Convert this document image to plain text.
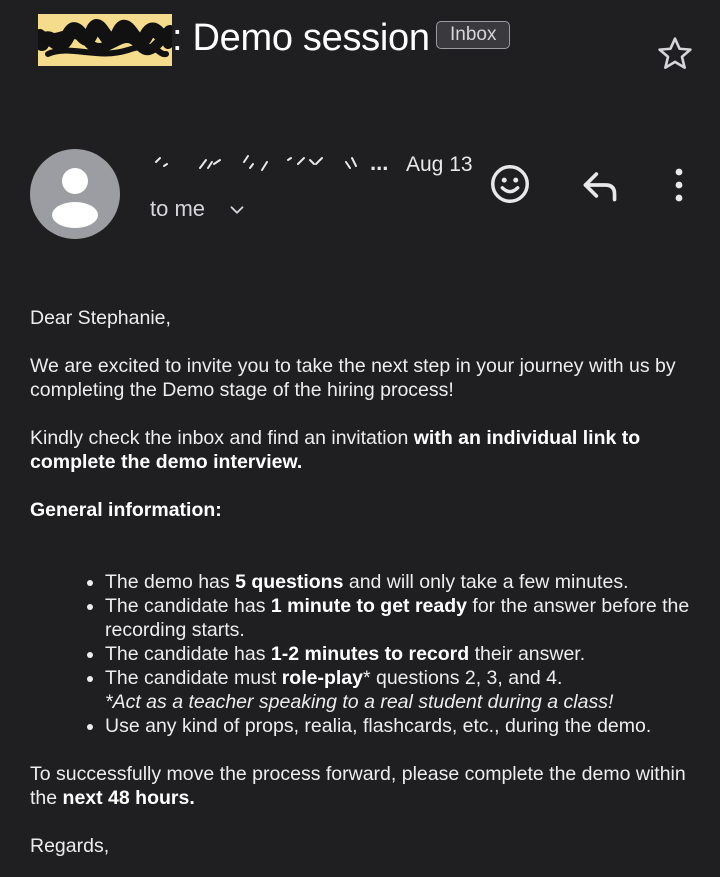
: Demo session	Inbox
... Aug 13
to me

Dear Stephanie,

We are excited to invite you to take the next step in your journey with us by completing the Demo stage of the hiring process!

Kindly check the inbox and find an invitation with an individual link to complete the demo interview.

General information:

• The demo has 5 questions and will only take a few minutes.
• The candidate has 1 minute to get ready for the answer before the recording starts.
• The candidate has 1-2 minutes to record their answer.
• The candidate must role-play* questions 2, 3, and 4.
*Act as a teacher speaking to a real student during a class!
• Use any kind of props, realia, flashcards, etc., during the demo.

To successfully move the process forward, please complete the demo within the next 48 hours.

Regards,
